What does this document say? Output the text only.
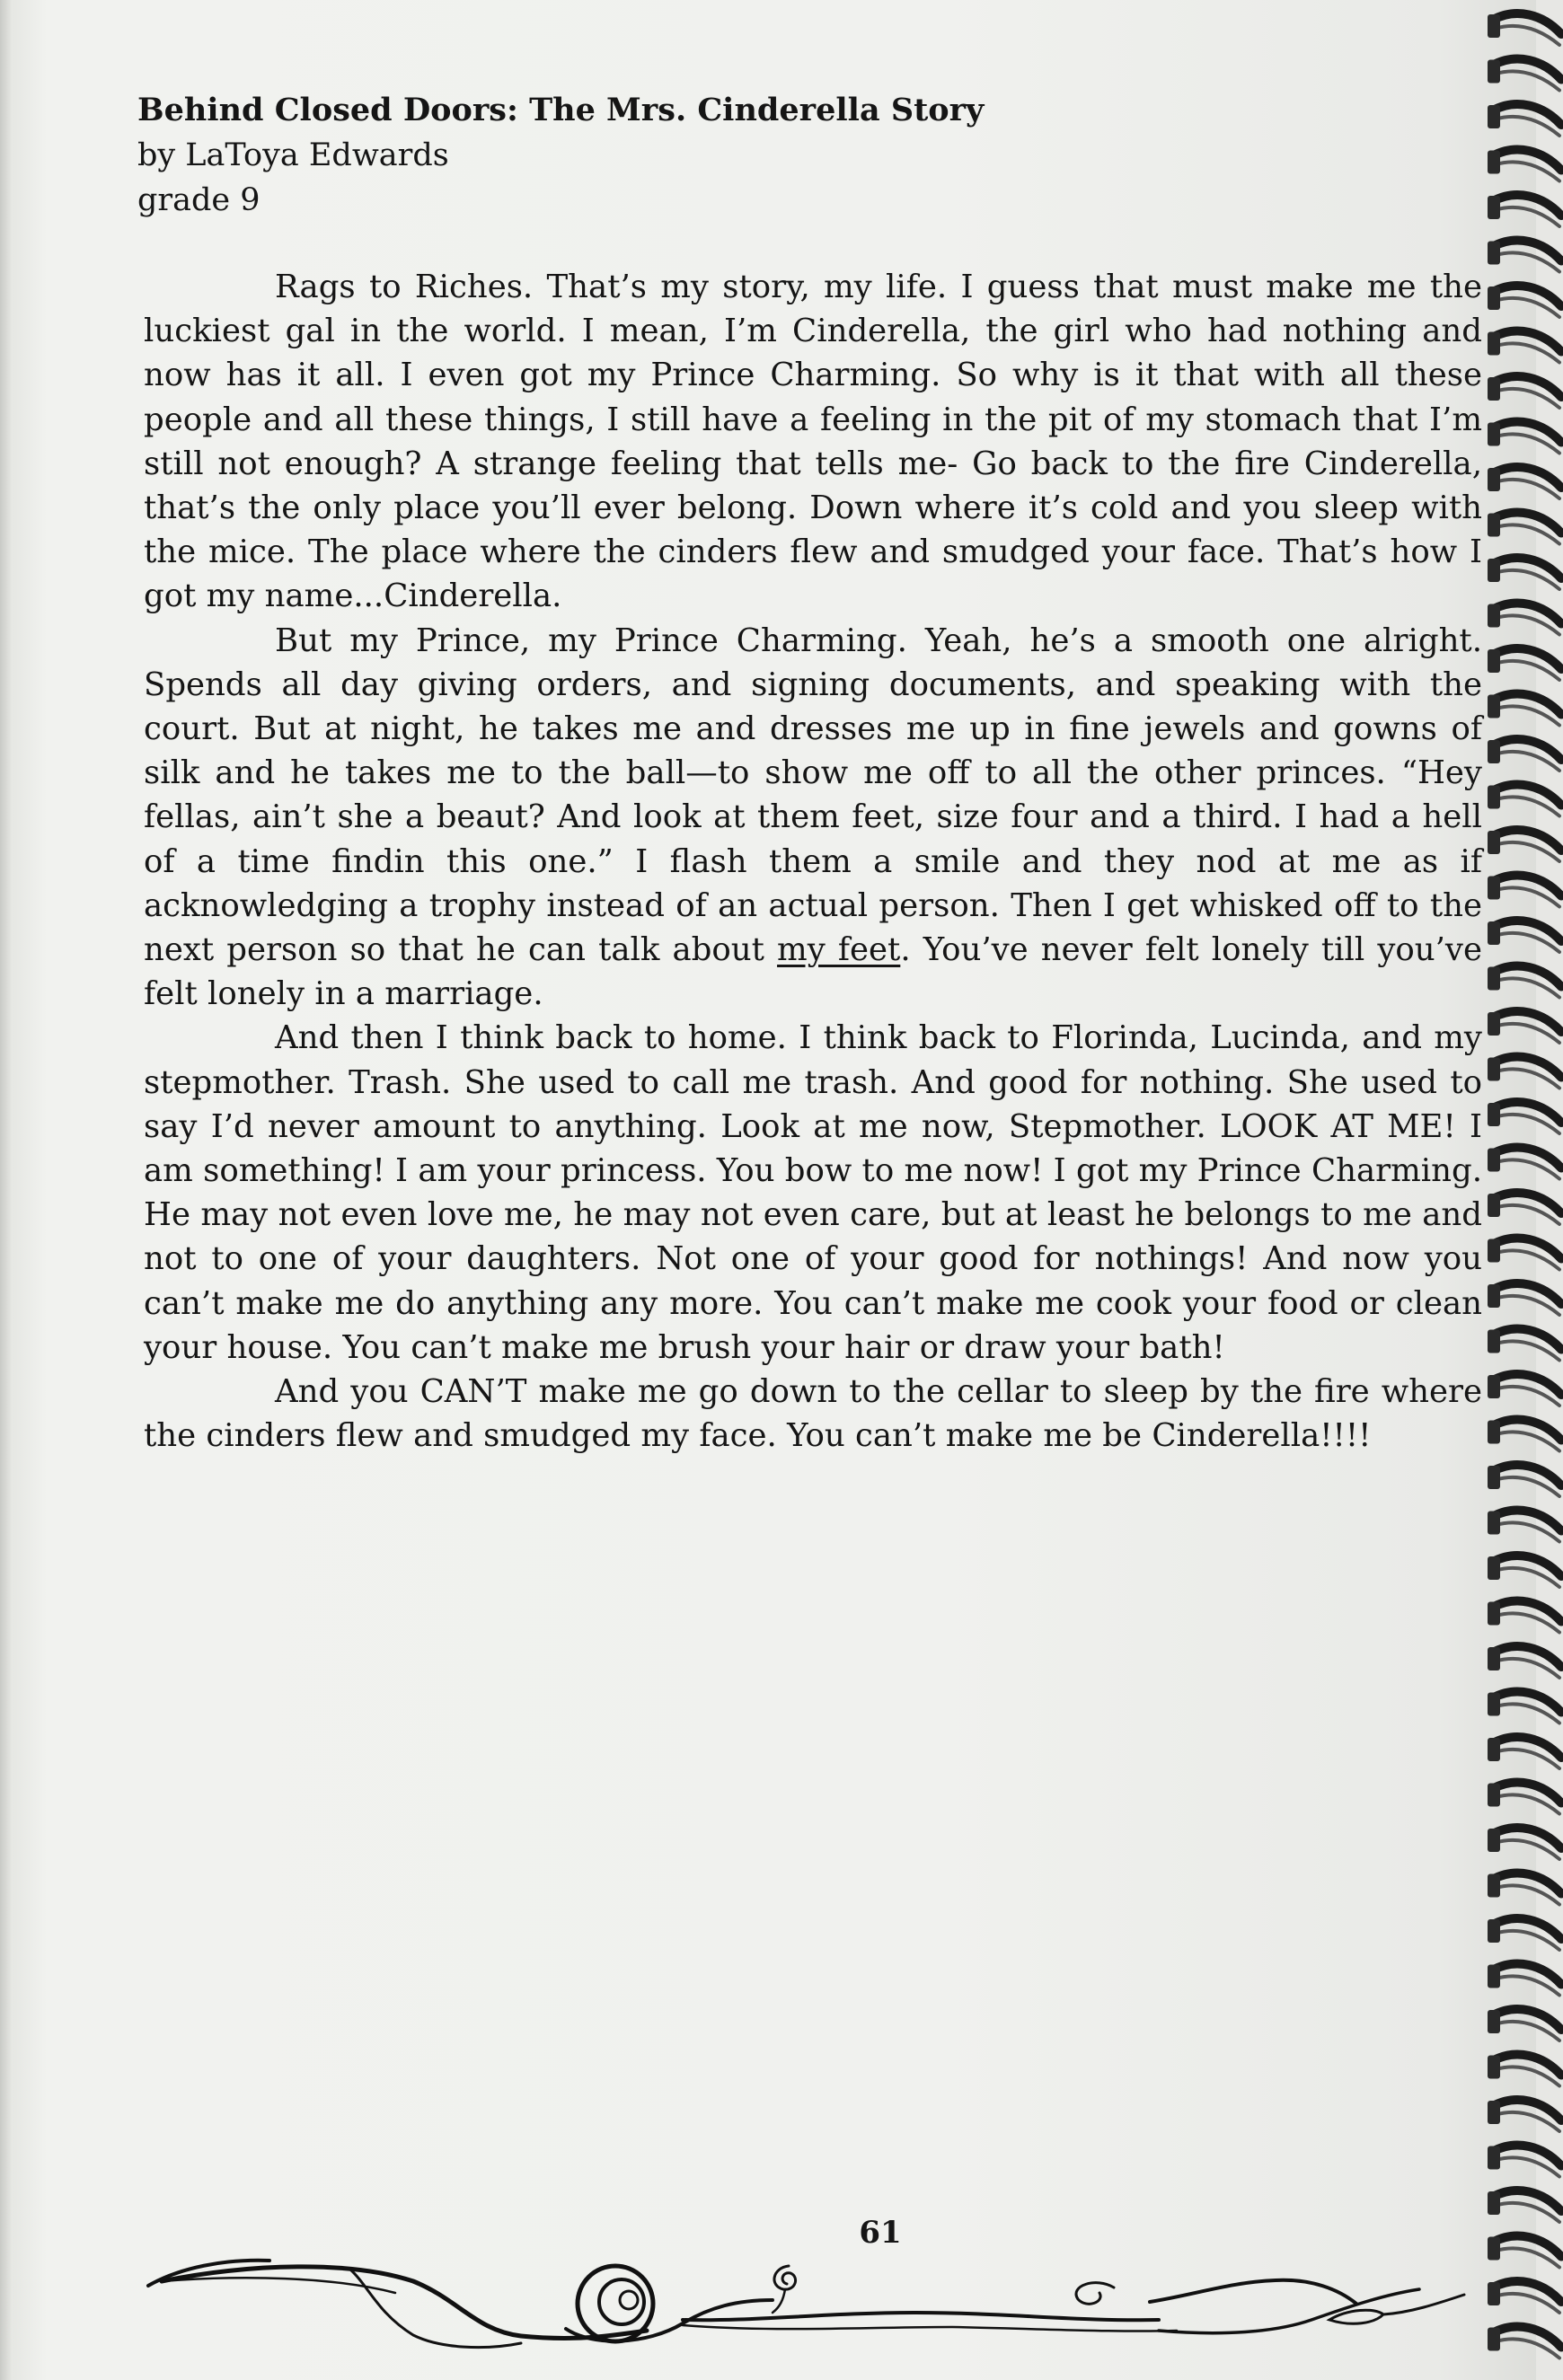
Behind Closed Doors: The Mrs. Cinderella Story

by LaToya Edwards

grade 9

Rags to Riches. That’s my story, my life. I guess that must make me the luckiest gal in the world. I mean, I’m Cinderella, the girl who had nothing and now has it all. I even got my Prince Charming. So why is it that with all these people and all these things, I still have a feeling in the pit of my stomach that I’m still not enough? A strange feeling that tells me- Go back to the fire Cinderella, that’s the only place you’ll ever belong. Down where it’s cold and you sleep with the mice. The place where the cinders flew and smudged your face. That’s how I got my name...Cinderella.

But my Prince, my Prince Charming. Yeah, he’s a smooth one alright. Spends all day giving orders, and signing documents, and speaking with the court. But at night, he takes me and dresses me up in fine jewels and gowns of silk and he takes me to the ball—to show me off to all the other princes. “Hey fellas, ain’t she a beaut? And look at them feet, size four and a third. I had a hell of a time findin this one.” I flash them a smile and they nod at me as if acknowledging a trophy instead of an actual person. Then I get whisked off to the next person so that he can talk about my feet. You’ve never felt lonely till you’ve felt lonely in a marriage.

And then I think back to home. I think back to Florinda, Lucinda, and my stepmother. Trash. She used to call me trash. And good for nothing. She used to say I’d never amount to anything. Look at me now, Stepmother. LOOK AT ME! I am something! I am your princess. You bow to me now! I got my Prince Charming. He may not even love me, he may not even care, but at least he belongs to me and not to one of your daughters. Not one of your good for nothings! And now you can’t make me do anything any more. You can’t make me cook your food or clean your house. You can’t make me brush your hair or draw your bath!

And you CAN’T make me go down to the cellar to sleep by the fire where the cinders flew and smudged my face. You can’t make me be Cinderella!!!!

61
